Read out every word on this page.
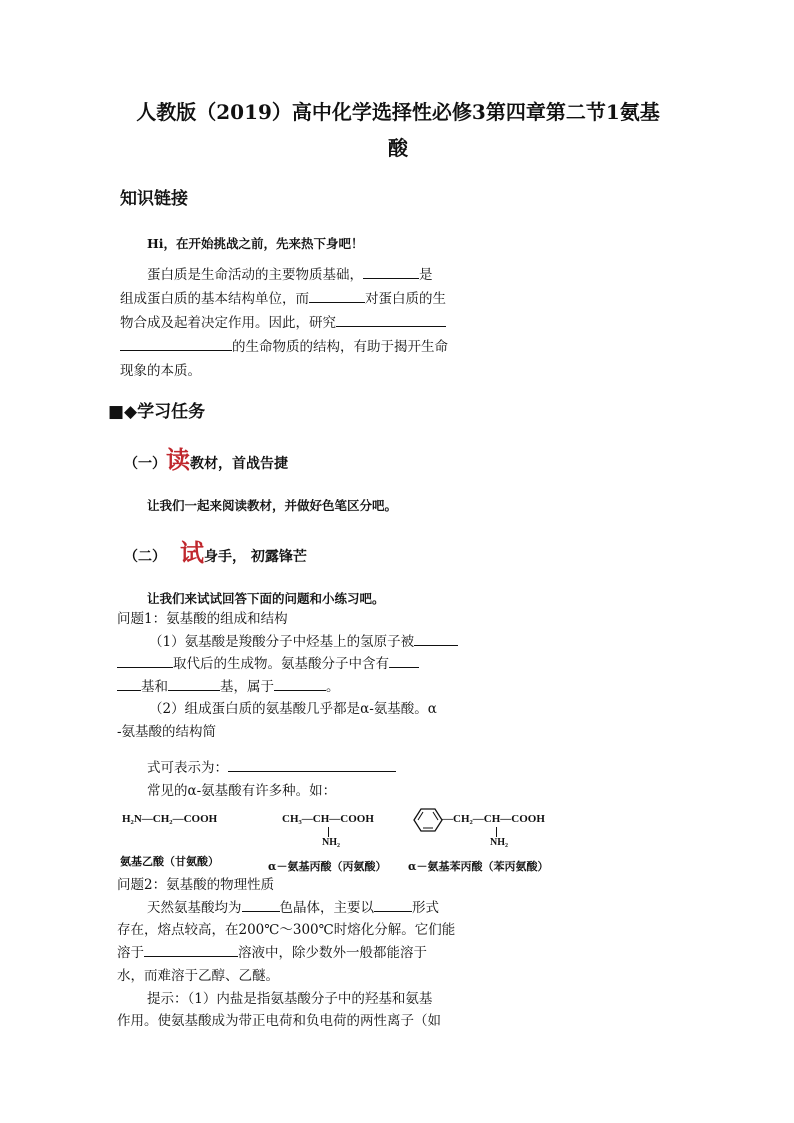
人教版（2019）高中化学选择性必修3第四章第二节1氨基
酸
知识链接
Hi，在开始挑战之前，先来热下身吧！
蛋白质是生命活动的主要物质基础，	是
组成蛋白质的基本结构单位，而	对蛋白质的生
物合成及起着决定作用。因此，研究
的生命物质的结构，有助于揭开生命
现象的本质。
■◆学习任务
（一）读教材，首战告捷
让我们一起来阅读教材，并做好色笔区分吧。
（二） 试身手， 初露锋芒
让我们来试试回答下面的问题和小练习吧。
问题1：氨基酸的组成和结构
（1）氨基酸是羧酸分子中烃基上的氢原子被
取代后的生成物。氨基酸分子中含有
基和	基，属于	。
（2）组成蛋白质的氨基酸几乎都是α-氨基酸。α
-氨基酸的结构简
式可表示为：
常见的α-氨基酸有许多种。如：
H₂N—CH₂—COOH
氨基乙酸（甘氨酸）
CH₃—CH—COOH
NH₂
α－氨基丙酸（丙氨酸）
—CH₂—CH—COOH
NH₂
α－氨基苯丙酸（苯丙氨酸）
问题2：氨基酸的物理性质
天然氨基酸均为	色晶体，主要以	形式
存在，熔点较高，在200℃～300℃时熔化分解。它们能
溶于	溶液中，除少数外一般都能溶于
水，而难溶于乙醇、乙醚。
提示：（1）内盐是指氨基酸分子中的羟基和氨基
作用。使氨基酸成为带正电荷和负电荷的两性离子（如
